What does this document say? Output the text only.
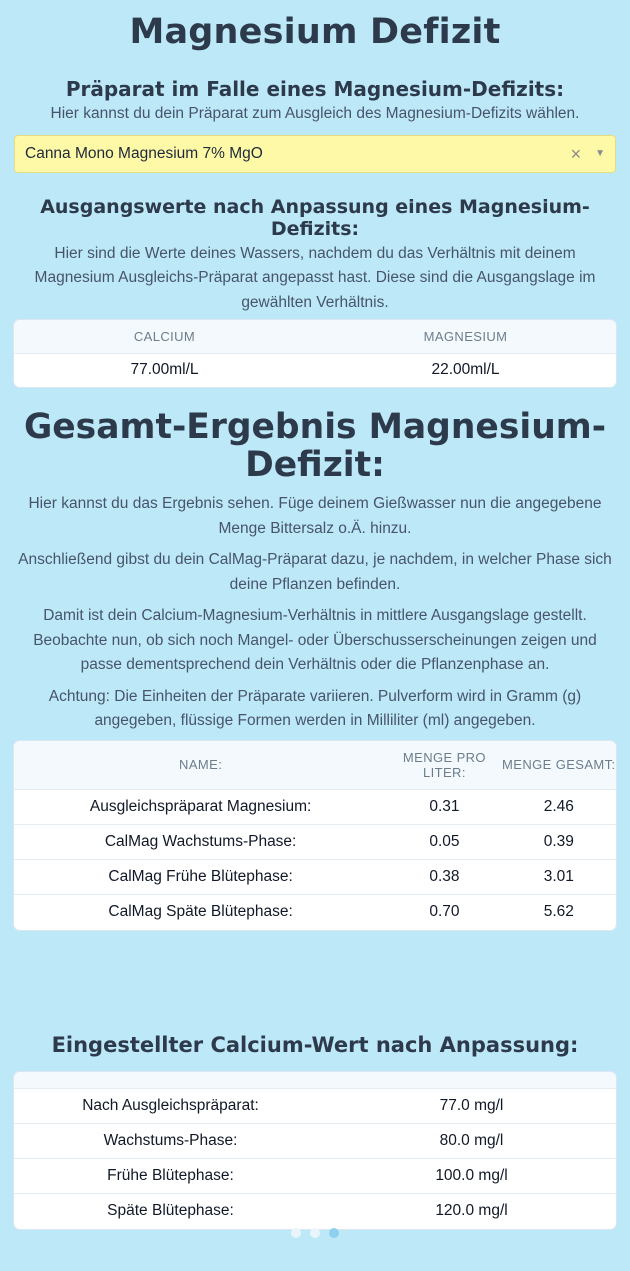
Magnesium Defizit
Präparat im Falle eines Magnesium-Defizits:

Hier kannst du dein Präparat zum Ausgleich des Magnesium-Defizits wählen.

Canna Mono Magnesium 7% MgO	× ▼
Ausgangswerte nach Anpassung eines Magnesium-Defizits:

Hier sind die Werte deines Wassers, nachdem du das Verhältnis mit deinem Magnesium Ausgleichs-Präparat angepasst hast. Diese sind die Ausgangslage im gewählten Verhältnis.

CALCIUM	MAGNESIUM
77.00ml/L	22.00ml/L
Gesamt-Ergebnis Magnesium-Defizit:

Hier kannst du das Ergebnis sehen. Füge deinem Gießwasser nun die angegebene Menge Bittersalz o.Ä. hinzu.

Anschließend gibst du dein CalMag-Präparat dazu, je nachdem, in welcher Phase sich deine Pflanzen befinden.

Damit ist dein Calcium-Magnesium-Verhältnis in mittlere Ausgangslage gestellt. Beobachte nun, ob sich noch Mangel- oder Überschusserscheinungen zeigen und passe dementsprechend dein Verhältnis oder die Pflanzenphase an.

Achtung: Die Einheiten der Präparate variieren. Pulverform wird in Gramm (g) angegeben, flüssige Formen werden in Milliliter (ml) angegeben.

NAME:	MENGE PRO LITER:	MENGE GESAMT:
Ausgleichspräparat Magnesium:	0.31	2.46
CalMag Wachstums-Phase:	0.05	0.39
CalMag Frühe Blütephase:	0.38	3.01
CalMag Späte Blütephase:	0.70	5.62
Eingestellter Calcium-Wert nach Anpassung:

Nach Ausgleichspräparat:	77.0 mg/l
Wachstums-Phase:	80.0 mg/l
Frühe Blütephase:	100.0 mg/l
Späte Blütephase:	120.0 mg/l
